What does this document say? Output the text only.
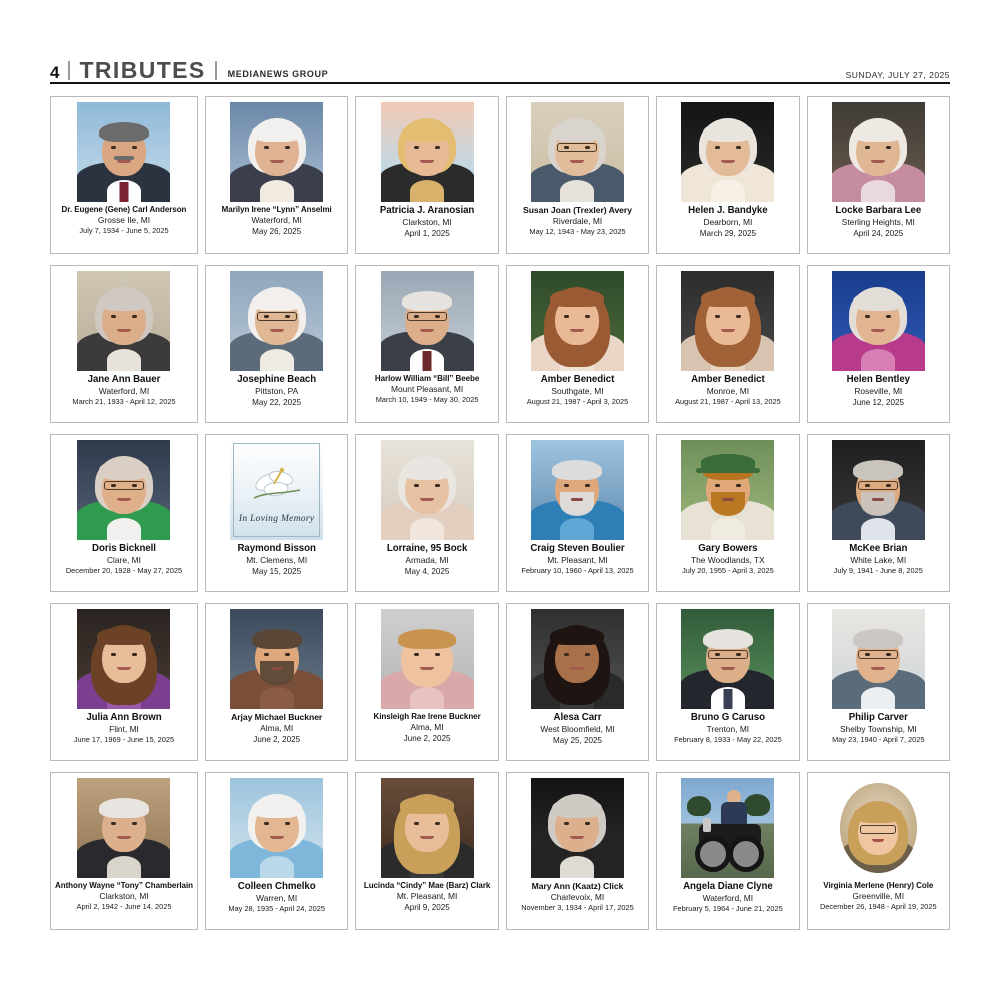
4 TRIBUTES MEDIANEWS GROUP	SUNDAY, JULY 27, 2025
Dr. Eugene (Gene) Carl Anderson
Grosse Ile, MI
July 7, 1934 - June 5, 2025
Marilyn Irene “Lynn” Anselmi
Waterford, MI
May 26, 2025
Patricia J. Aranosian
Clarkston, MI
April 1, 2025
Susan Joan (Trexler) Avery
Riverdale, MI
May 12, 1943 - May 23, 2025
Helen J. Bandyke
Dearborn, MI
March 29, 2025
Locke Barbara Lee
Sterling Heights, MI
April 24, 2025
Jane Ann Bauer
Waterford, MI
March 21, 1933 - April 12, 2025
Josephine Beach
Pittston, PA
May 22, 2025
Harlow William “Bill” Beebe
Mount Pleasant, MI
March 10, 1949 - May 30, 2025
Amber Benedict
Southgate, MI
August 21, 1987 - April 3, 2025
Amber Benedict
Monroe, MI
August 21, 1987 - April 13, 2025
Helen Bentley
Roseville, MI
June 12, 2025
Doris Bicknell
Clare, MI
December 20, 1928 - May 27, 2025
In Loving Memory
Raymond Bisson
Mt. Clemens, MI
May 15, 2025
Lorraine, 95 Bock
Armada, MI
May 4, 2025
Craig Steven Boulier
Mt. Pleasant, MI
February 10, 1960 - April 13, 2025
Gary Bowers
The Woodlands, TX
July 20, 1955 - April 3, 2025
McKee Brian
White Lake, MI
July 9, 1941 - June 8, 2025
Julia Ann Brown
Flint, MI
June 17, 1969 - June 15, 2025
Arjay Michael Buckner
Alma, MI
June 2, 2025
Kinsleigh Rae Irene Buckner
Alma, MI
June 2, 2025
Alesa Carr
West Bloomfield, MI
May 25, 2025
Bruno G Caruso
Trenton, MI
February 8, 1933 - May 22, 2025
Philip Carver
Shelby Township, MI
May 23, 1940 - April 7, 2025
Anthony Wayne “Tony” Chamberlain
Clarkston, MI
April 2, 1942 - June 14, 2025
Colleen Chmelko
Warren, MI
May 28, 1935 - April 24, 2025
Lucinda “Cindy” Mae (Barz) Clark
Mt. Pleasant, MI
April 9, 2025
Mary Ann (Kaatz) Click
Charlevoix, MI
November 3, 1934 - April 17, 2025
Angela Diane Clyne
Waterford, MI
February 5, 1964 - June 21, 2025
Virginia Merlene (Henry) Cole
Greenville, MI
December 26, 1948 - April 19, 2025
